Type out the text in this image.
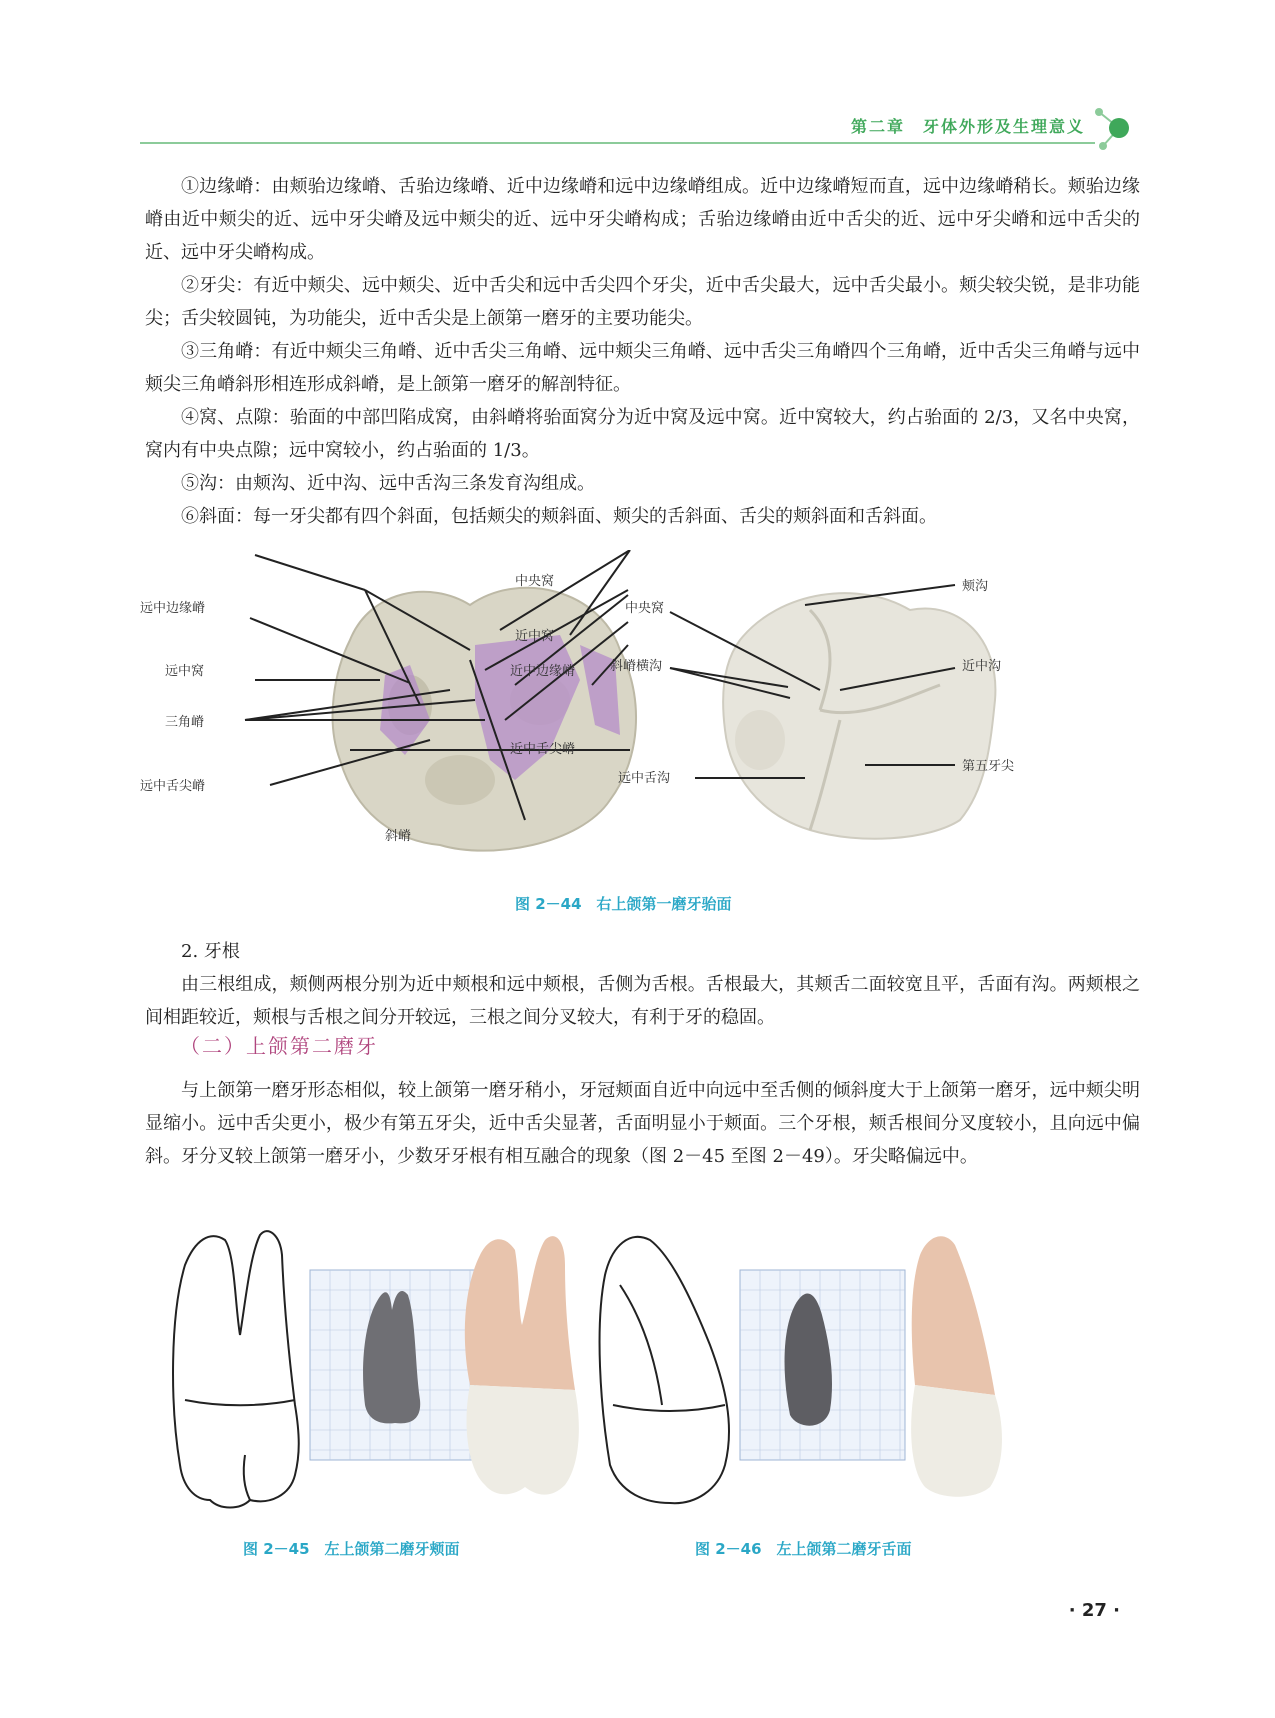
第二章　牙体外形及生理意义

①边缘嵴：由颊骀边缘嵴、舌骀边缘嵴、近中边缘嵴和远中边缘嵴组成。近中边缘嵴短而直，远中边缘嵴稍长。颊骀边缘嵴由近中颊尖的近、远中牙尖嵴及远中颊尖的近、远中牙尖嵴构成；舌骀边缘嵴由近中舌尖的近、远中牙尖嵴和远中舌尖的近、远中牙尖嵴构成。

②牙尖：有近中颊尖、远中颊尖、近中舌尖和远中舌尖四个牙尖，近中舌尖最大，远中舌尖最小。颊尖较尖锐，是非功能尖；舌尖较圆钝，为功能尖，近中舌尖是上颌第一磨牙的主要功能尖。

③三角嵴：有近中颊尖三角嵴、近中舌尖三角嵴、远中颊尖三角嵴、远中舌尖三角嵴四个三角嵴，近中舌尖三角嵴与远中颊尖三角嵴斜形相连形成斜嵴，是上颌第一磨牙的解剖特征。

④窝、点隙：骀面的中部凹陷成窝，由斜嵴将骀面窝分为近中窝及远中窝。近中窝较大，约占骀面的 2/3，又名中央窝，窝内有中央点隙；远中窝较小，约占骀面的 1/3。

⑤沟：由颊沟、近中沟、远中舌沟三条发育沟组成。

⑥斜面：每一牙尖都有四个斜面，包括颊尖的颊斜面、颊尖的舌斜面、舌尖的颊斜面和舌斜面。

中央窝
远中边缘嵴
近中窝
远中窝	近中边缘嵴
三角嵴
近中舌尖嵴
远中舌尖嵴
斜嵴
中央窝
颊沟
斜嵴横沟	近中沟
远中舌沟
第五牙尖
图 2－44　右上颌第一磨牙骀面

2. 牙根

由三根组成，颊侧两根分别为近中颊根和远中颊根，舌侧为舌根。舌根最大，其颊舌二面较宽且平，舌面有沟。两颊根之间相距较近，颊根与舌根之间分开较远，三根之间分叉较大，有利于牙的稳固。

（二）上颌第二磨牙

与上颌第一磨牙形态相似，较上颌第一磨牙稍小，牙冠颊面自近中向远中至舌侧的倾斜度大于上颌第一磨牙，远中颊尖明显缩小。远中舌尖更小，极少有第五牙尖，近中舌尖显著，舌面明显小于颊面。三个牙根，颊舌根间分叉度较小，且向远中偏斜。牙分叉较上颌第一磨牙小，少数牙牙根有相互融合的现象（图 2－45 至图 2－49）。牙尖略偏远中。

图 2－45　左上颌第二磨牙颊面	图 2－46　左上颌第二磨牙舌面
· 27 ·
